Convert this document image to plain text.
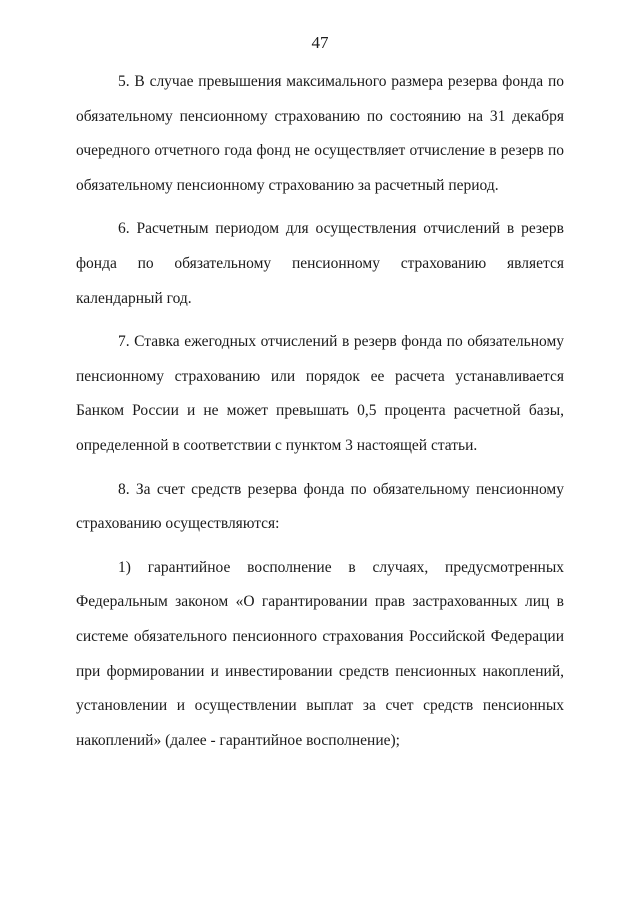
47

5. В случае превышения максимального размера резерва фонда по обязательному пенсионному страхованию по состоянию на 31 декабря очередного отчетного года фонд не осуществляет отчисление в резерв по обязательному пенсионному страхованию за расчетный период.

6. Расчетным периодом для осуществления отчислений в резерв фонда по обязательному пенсионному страхованию является календарный год.

7. Ставка ежегодных отчислений в резерв фонда по обязательному пенсионному страхованию или порядок ее расчета устанавливается Банком России и не может превышать 0,5 процента расчетной базы, определенной в соответствии с пунктом 3 настоящей статьи.

8. За счет средств резерва фонда по обязательному пенсионному страхованию осуществляются:

1) гарантийное восполнение в случаях, предусмотренных Федеральным законом «О гарантировании прав застрахованных лиц в системе обязательного пенсионного страхования Российской Федерации при формировании и инвестировании средств пенсионных накоплений, установлении и осуществлении выплат за счет средств пенсионных накоплений» (далее - гарантийное восполнение);
